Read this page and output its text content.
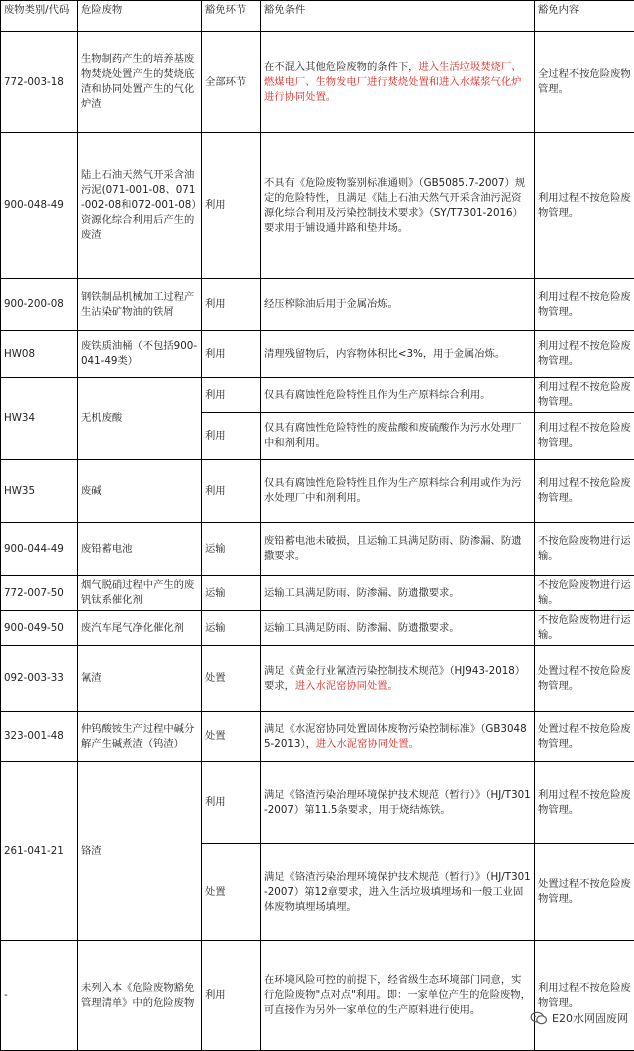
废物类别/代码	危险废物	豁免环节	豁免条件	豁免内容
772-003-18	生物制药产生的培养基废物焚烧处置产生的焚烧底渣和协同处置产生的气化炉渣	全部环节	在不混入其他危险废物的条件下，进入生活垃圾焚烧厂、燃煤电厂、生物发电厂进行焚烧处置和进入水煤浆气化炉进行协同处置。	全过程不按危险废物管理。
900-048-49	陆上石油天然气开采含油污泥(071-001-08、071-002-08和072-001-08）资源化综合利用后产生的废渣	利用	不具有《危险废物鉴别标准通则》（GB5085.7-2007）规定的危险特性，且满足《陆上石油天然气开采含油污泥资源化综合利用及污染控制技术要求》（SY/T7301-2016）要求用于铺设通井路和垫井场。	利用过程不按危险废物管理。
900-200-08	钢铁制品机械加工过程产生沾染矿物油的铁屑	利用	经压榨除油后用于金属冶炼。	利用过程不按危险废物管理。
HW08	废铁质油桶（不包括900-041-49类）	利用	清理残留物后，内容物体积比<3%，用于金属冶炼。	利用过程不按危险废物管理。
HW34	无机废酸	利用	仅具有腐蚀性危险特性且作为生产原料综合利用。	利用过程不按危险废物管理。
		利用	仅具有腐蚀性危险特性的废盐酸和废硫酸作为污水处理厂中和剂利用。	利用过程不按危险废物管理。
HW35	废碱	利用	仅具有腐蚀性危险特性且作为生产原料综合利用或作为污水处理厂中和剂利用。	利用过程不按危险废物管理。
900-044-49	废铅蓄电池	运输	废铅蓄电池未破损，且运输工具满足防雨、防渗漏、防遗撒要求。	不按危险废物进行运输。
772-007-50	烟气脱硝过程中产生的废钒钛系催化剂	运输	运输工具满足防雨、防渗漏、防遗撒要求。	不按危险废物进行运输。
900-049-50	废汽车尾气净化催化剂	运输	运输工具满足防雨、防渗漏、防遗撒要求。	不按危险废物进行运输。
092-003-33	氰渣	处置	满足《黄金行业氰渣污染控制技术规范》（HJ943-2018）要求，进入水泥窑协同处置。	处置过程不按危险废物管理。
323-001-48	仲钨酸铵生产过程中碱分解产生碱煮渣（钨渣）	处置	满足《水泥窑协同处置固体废物污染控制标准》（GB30485-2013），进入水泥窑协同处置。	处置过程不按危险废物管理。
261-041-21	铬渣	利用	满足《铬渣污染治理环境保护技术规范（暂行）》（HJ/T301-2007）第11.5条要求，用于烧结炼铁。	利用过程不按危险废物管理。
		处置	满足《铬渣污染治理环境保护技术规范（暂行）》（HJ/T301-2007）第12章要求，进入生活垃圾填埋场和一般工业固体废物填埋场填埋。	处置过程不按危险废物管理。
-	未列入本《危险废物豁免管理清单》中的危险废物	利用	在环境风险可控的前提下，经省级生态环境部门同意，实行危险废物"点对点"利用。即：一家单位产生的危险废物，可直接作为另外一家单位的生产原料进行使用。	利用过程不按危险废物管理。
E20水网固废网
